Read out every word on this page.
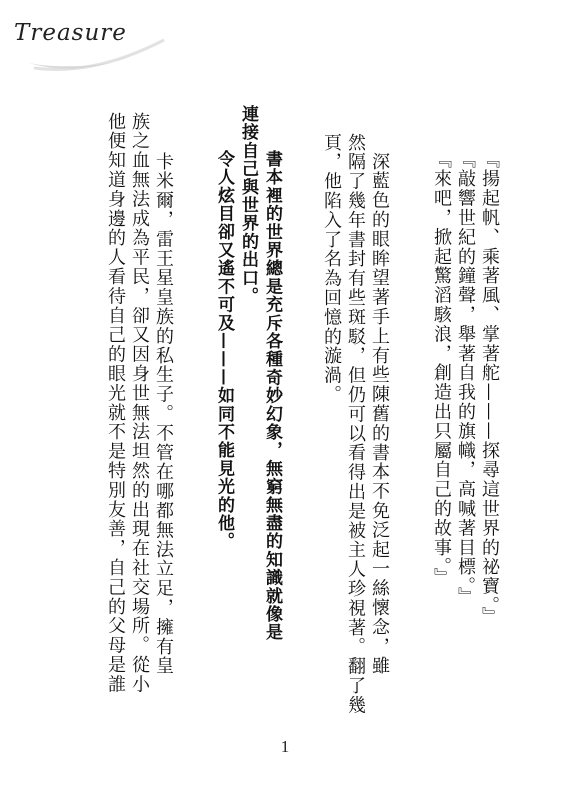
Treasure
『揚起帆、乘著風、掌著舵———探尋這世界的祕寶。』
『敲響世紀的鐘聲，舉著自我的旗幟，高喊著目標。』
『來吧，掀起驚滔駭浪，創造出只屬自己的故事。』
深藍色的眼眸望著手上有些陳舊的書本不免泛起一絲懷念，雖
然隔了幾年書封有些斑駁，但仍可以看得出是被主人珍視著。翻了幾
頁，他陷入了名為回憶的漩渦。
書本裡的世界總是充斥各種奇妙幻象，無窮無盡的知識就像是
連接自己與世界的出口。
令人炫目卻又遙不可及———如同不能見光的他。
卡米爾，雷王星皇族的私生子。不管在哪都無法立足，擁有皇
族之血無法成為平民，卻又因身世無法坦然的出現在社交場所。從小
他便知道身邊的人看待自己的眼光就不是特別友善，自己的父母是誰
1
